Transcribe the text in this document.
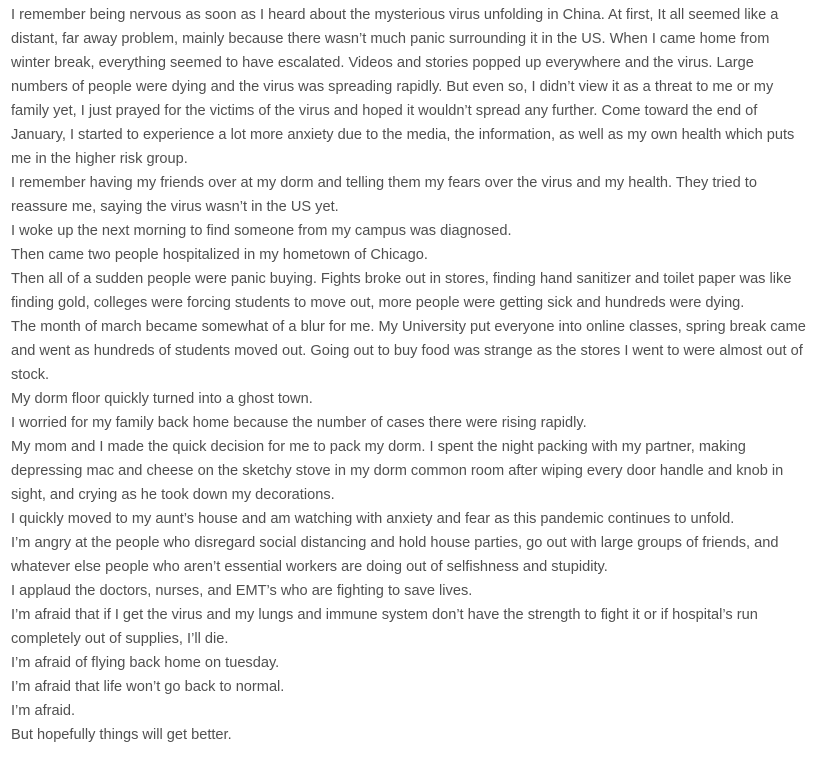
I remember being nervous as soon as I heard about the mysterious virus unfolding in China. At first, It all seemed like a distant, far away problem, mainly because there wasn’t much panic surrounding it in the US. When I came home from winter break, everything seemed to have escalated. Videos and stories popped up everywhere and the virus. Large numbers of people were dying and the virus was spreading rapidly. But even so, I didn’t view it as a threat to me or my family yet, I just prayed for the victims of the virus and hoped it wouldn’t spread any further. Come toward the end of January, I started to experience a lot more anxiety due to the media, the information, as well as my own health which puts me in the higher risk group.

I remember having my friends over at my dorm and telling them my fears over the virus and my health. They tried to reassure me, saying the virus wasn’t in the US yet.

I woke up the next morning to find someone from my campus was diagnosed.

Then came two people hospitalized in my hometown of Chicago.

Then all of a sudden people were panic buying. Fights broke out in stores, finding hand sanitizer and toilet paper was like finding gold, colleges were forcing students to move out, more people were getting sick and hundreds were dying.

The month of march became somewhat of a blur for me. My University put everyone into online classes, spring break came and went as hundreds of students moved out. Going out to buy food was strange as the stores I went to were almost out of stock.

My dorm floor quickly turned into a ghost town.

I worried for my family back home because the number of cases there were rising rapidly.

My mom and I made the quick decision for me to pack my dorm. I spent the night packing with my partner, making depressing mac and cheese on the sketchy stove in my dorm common room after wiping every door handle and knob in sight, and crying as he took down my decorations.

I quickly moved to my aunt’s house and am watching with anxiety and fear as this pandemic continues to unfold.

I’m angry at the people who disregard social distancing and hold house parties, go out with large groups of friends, and whatever else people who aren’t essential workers are doing out of selfishness and stupidity.

I applaud the doctors, nurses, and EMT’s who are fighting to save lives.

I’m afraid that if I get the virus and my lungs and immune system don’t have the strength to fight it or if hospital’s run completely out of supplies, I’ll die.

I’m afraid of flying back home on tuesday.

I’m afraid that life won’t go back to normal.

I’m afraid.

But hopefully things will get better.
